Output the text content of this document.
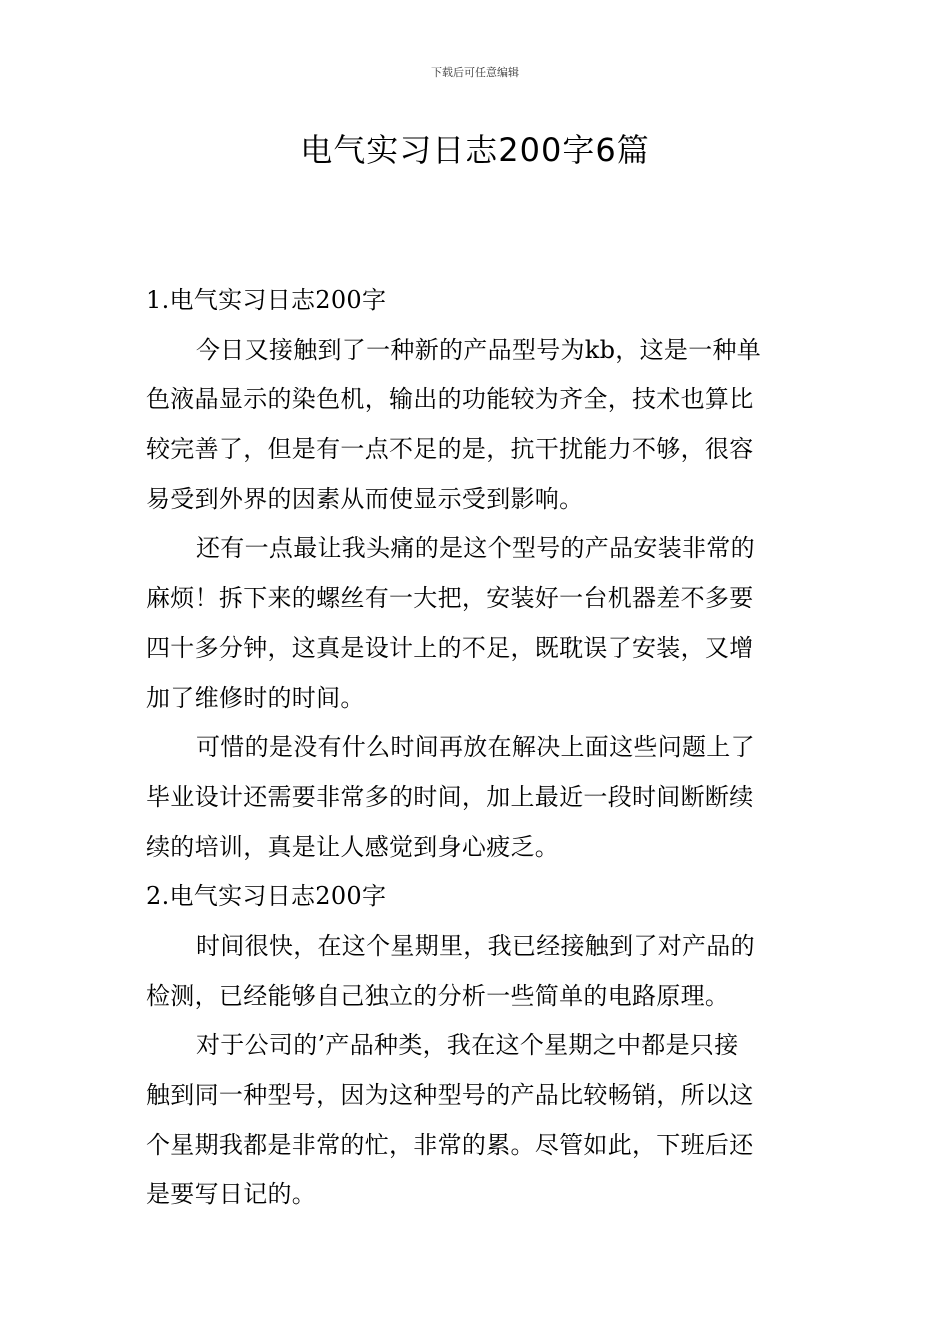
下载后可任意编辑
电气实习日志200字6篇

1.电气实习日志200字

今日又接触到了一种新的产品型号为kb，这是一种单

色液晶显示的染色机，输出的功能较为齐全，技术也算比

较完善了，但是有一点不足的是，抗干扰能力不够，很容

易受到外界的因素从而使显示受到影响。

还有一点最让我头痛的是这个型号的产品安装非常的

麻烦！拆下来的螺丝有一大把，安装好一台机器差不多要

四十多分钟，这真是设计上的不足，既耽误了安装，又增

加了维修时的时间。

可惜的是没有什么时间再放在解决上面这些问题上了

毕业设计还需要非常多的时间，加上最近一段时间断断续

续的培训，真是让人感觉到身心疲乏。

2.电气实习日志200字

时间很快，在这个星期里，我已经接触到了对产品的

检测，已经能够自己独立的分析一些简单的电路原理。

对于公司的’产品种类，我在这个星期之中都是只接

触到同一种型号，因为这种型号的产品比较畅销，所以这

个星期我都是非常的忙，非常的累。尽管如此，下班后还

是要写日记的。
